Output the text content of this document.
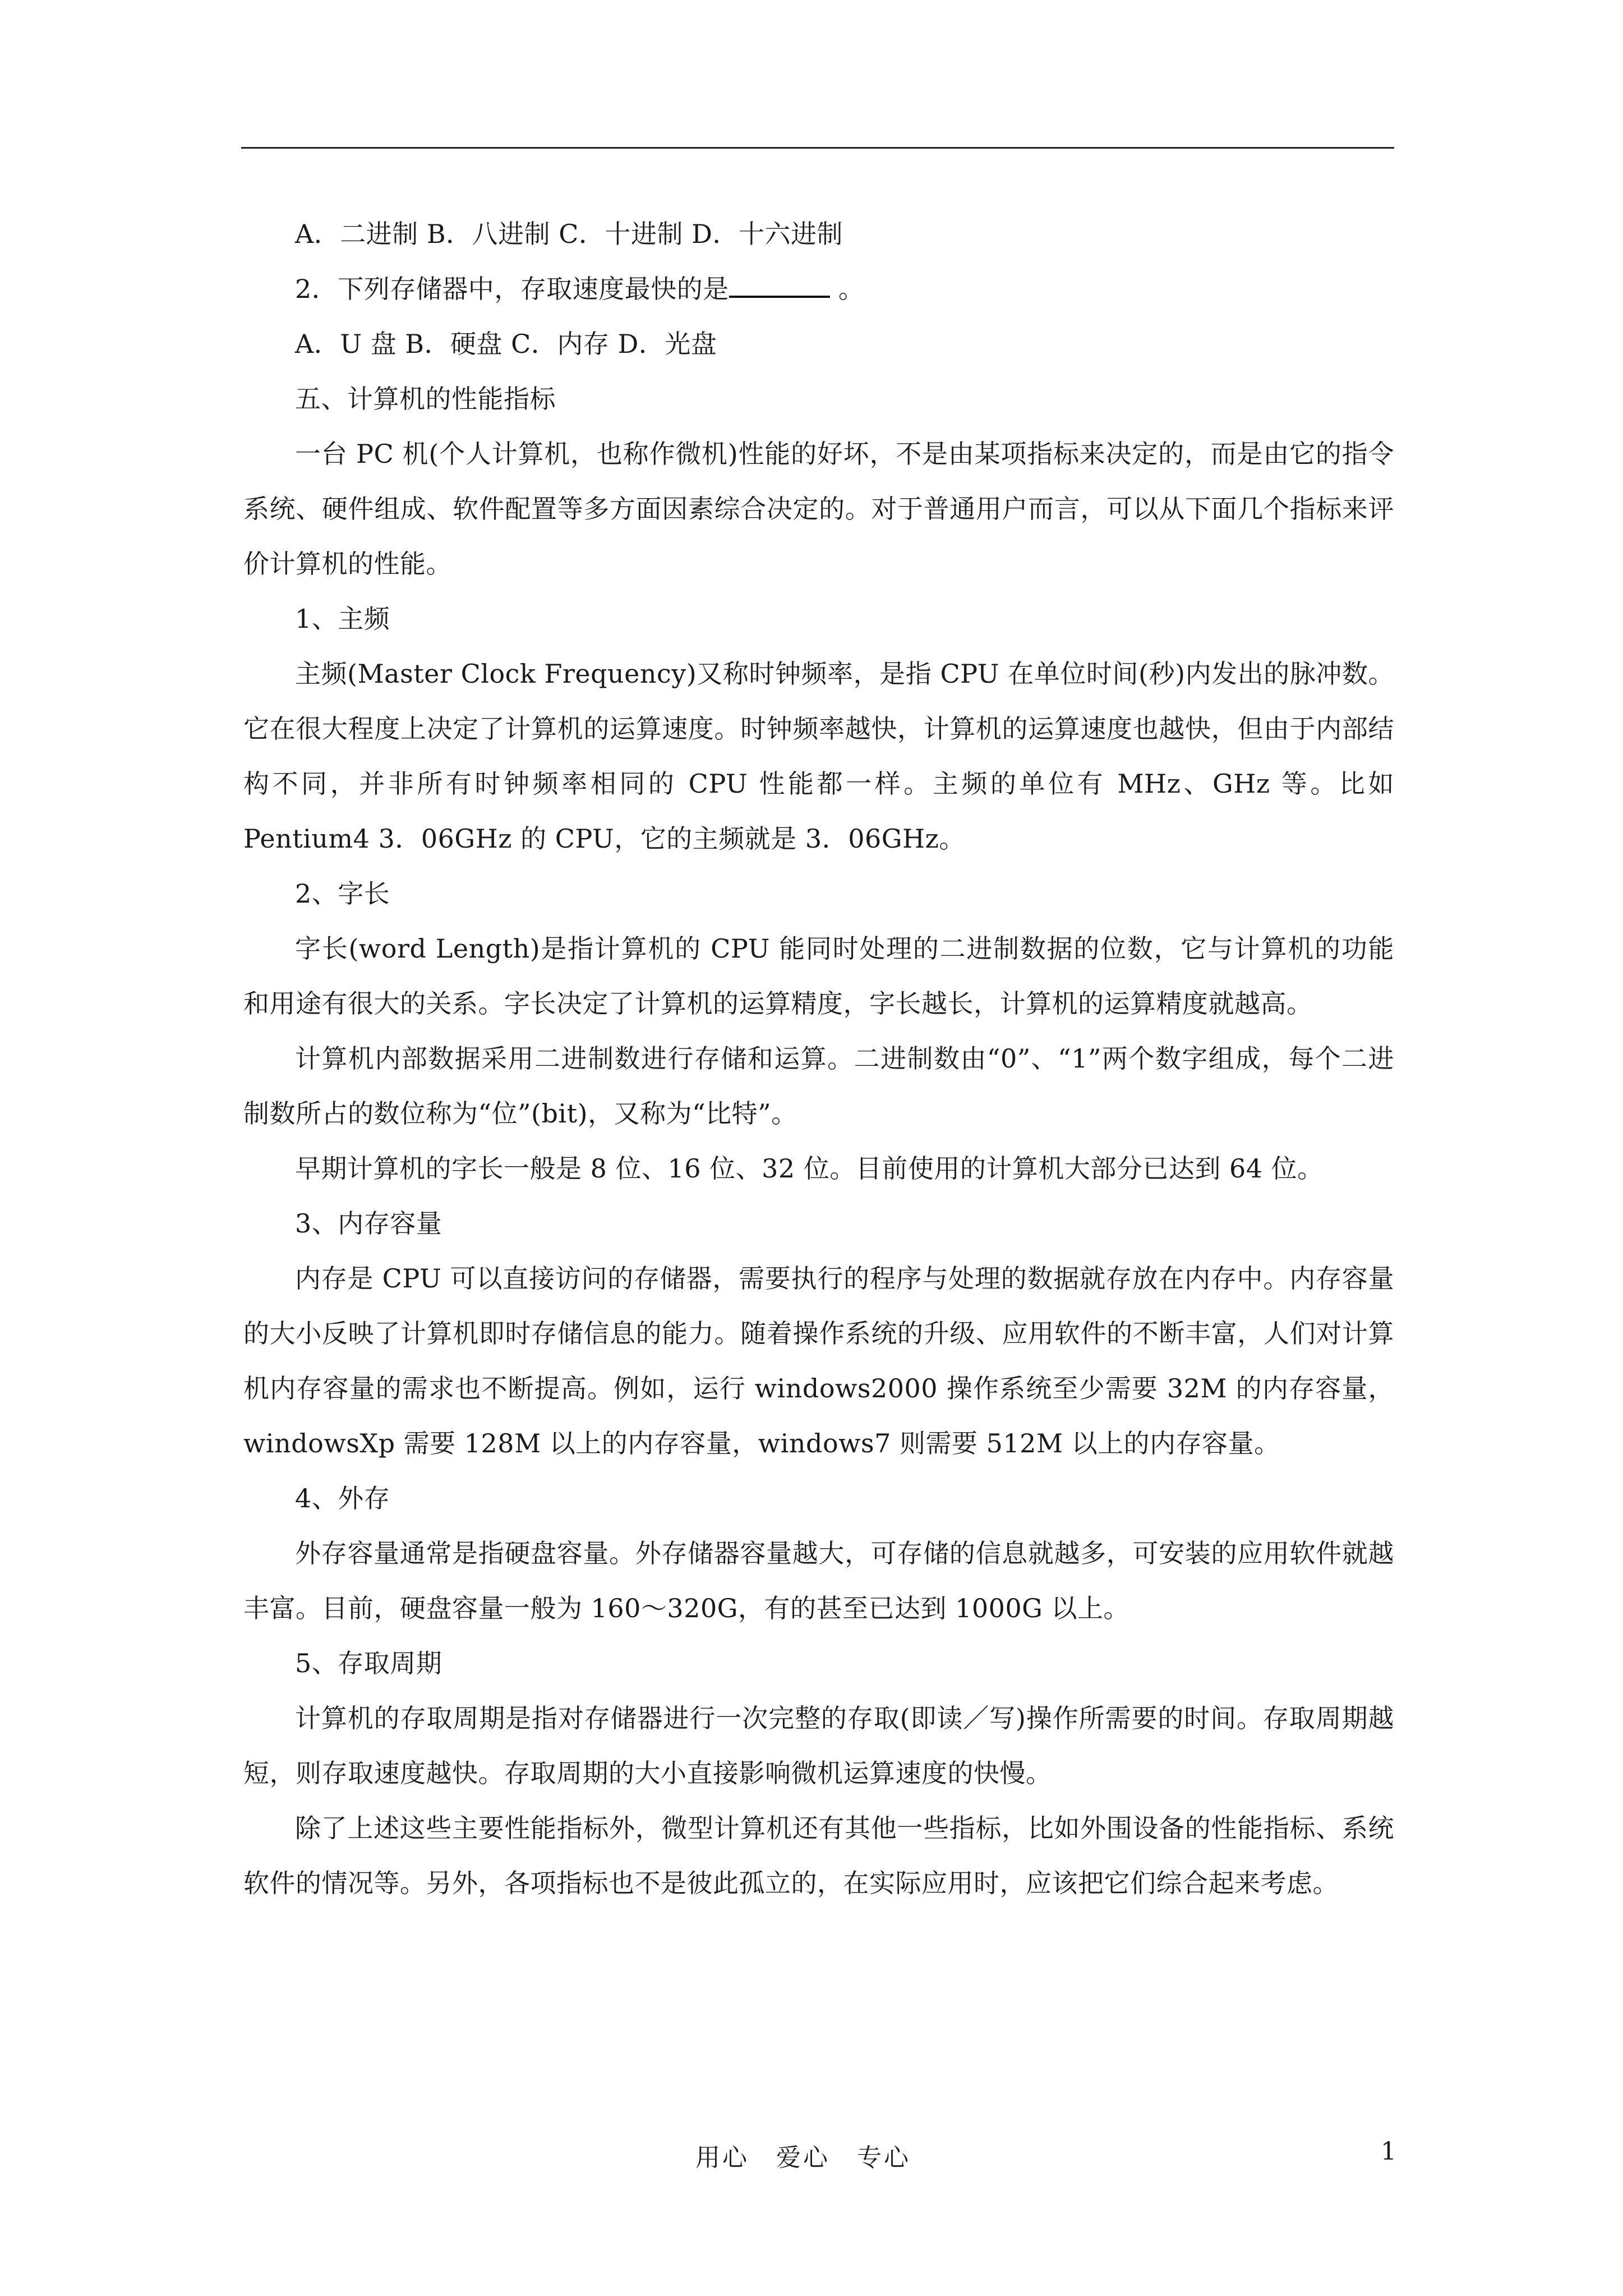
A．二进制 B．八进制 C．十进制 D．十六进制

2．下列存储器中，存取速度最快的是	。

A．U 盘 B．硬盘 C．内存 D．光盘

五、计算机的性能指标

一台 PC 机(个人计算机，也称作微机)性能的好坏，不是由某项指标来决定的，而是由它的指令系统、硬件组成、软件配置等多方面因素综合决定的。对于普通用户而言，可以从下面几个指标来评价计算机的性能。

1、主频

主频(Master Clock Frequency)又称时钟频率，是指 CPU 在单位时间(秒)内发出的脉冲数。它在很大程度上决定了计算机的运算速度。时钟频率越快，计算机的运算速度也越快，但由于内部结构不同，并非所有时钟频率相同的 CPU 性能都一样。主频的单位有 MHz、GHz 等。比如 Pentium4 3．06GHz 的 CPU，它的主频就是 3．06GHz。

2、字长

字长(word Length)是指计算机的 CPU 能同时处理的二进制数据的位数，它与计算机的功能和用途有很大的关系。字长决定了计算机的运算精度，字长越长，计算机的运算精度就越高。

计算机内部数据采用二进制数进行存储和运算。二进制数由“0”、“1”两个数字组成，每个二进制数所占的数位称为“位”(bit)，又称为“比特”。

早期计算机的字长一般是 8 位、16 位、32 位。目前使用的计算机大部分已达到 64 位。

3、内存容量

内存是 CPU 可以直接访问的存储器，需要执行的程序与处理的数据就存放在内存中。内存容量的大小反映了计算机即时存储信息的能力。随着操作系统的升级、应用软件的不断丰富，人们对计算机内存容量的需求也不断提高。例如，运行 windows2000 操作系统至少需要 32M 的内存容量，windowsXp 需要 128M 以上的内存容量，windows7 则需要 512M 以上的内存容量。

4、外存

外存容量通常是指硬盘容量。外存储器容量越大，可存储的信息就越多，可安装的应用软件就越丰富。目前，硬盘容量一般为 160～320G，有的甚至已达到 1000G 以上。

5、存取周期

计算机的存取周期是指对存储器进行一次完整的存取(即读／写)操作所需要的时间。存取周期越短，则存取速度越快。存取周期的大小直接影响微机运算速度的快慢。

除了上述这些主要性能指标外，微型计算机还有其他一些指标，比如外围设备的性能指标、系统软件的情况等。另外，各项指标也不是彼此孤立的，在实际应用时，应该把它们综合起来考虑。

用心 爱心 专心	1
